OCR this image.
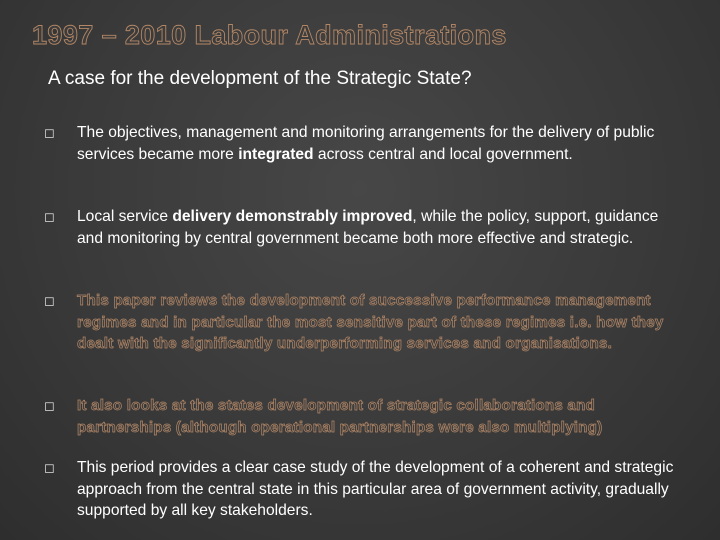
1997 – 2010 Labour Administrations

A case for the development of the Strategic State?

◻	The objectives, management and monitoring arrangements for the delivery of public services became more integrated across central and local government.
◻	Local service delivery demonstrably improved, while the policy, support, guidance and monitoring by central government became both more effective and strategic.
◻	This paper reviews the development of successive performance management regimes and in particular the most sensitive part of these regimes i.e. how they dealt with the significantly underperforming services and organisations.
◻	It also looks at the states development of strategic collaborations and partnerships (although operational partnerships were also multiplying)
◻	This period provides a clear case study of the development of a coherent and strategic approach from the central state in this particular area of government activity, gradually supported by all key stakeholders.
